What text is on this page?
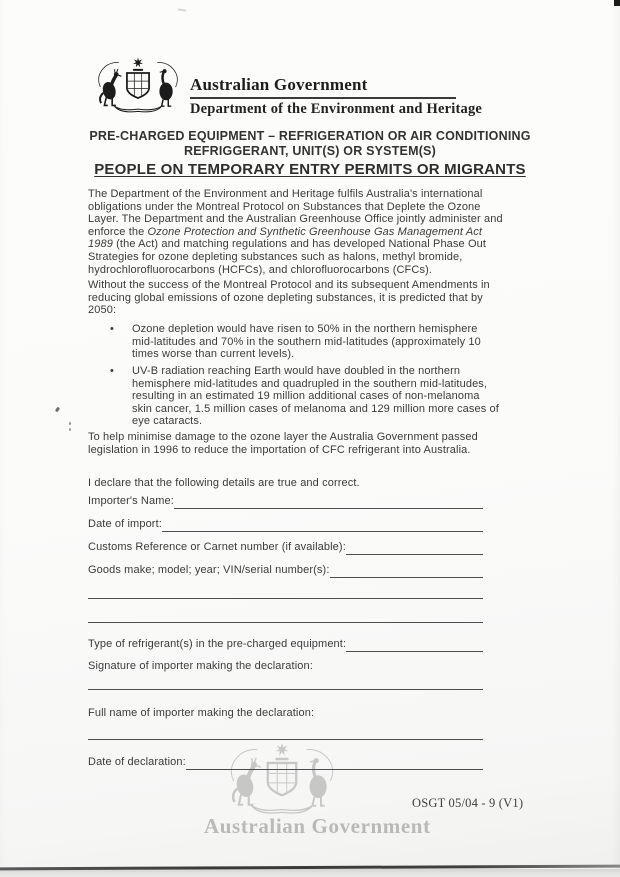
Australian Government
Department of the Environment and Heritage
PRE-CHARGED EQUIPMENT – REFRIGERATION OR AIR CONDITIONING
REFRIGGERANT, UNIT(S) OR SYSTEM(S)
PEOPLE ON TEMPORARY ENTRY PERMITS OR MIGRANTS

The Department of the Environment and Heritage fulfils Australia's international obligations under the Montreal Protocol on Substances that Deplete the Ozone Layer. The Department and the Australian Greenhouse Office jointly administer and enforce the Ozone Protection and Synthetic Greenhouse Gas Management Act 1989 (the Act) and matching regulations and has developed National Phase Out Strategies for ozone depleting substances such as halons, methyl bromide, hydrochlorofluorocarbons (HCFCs), and chlorofluorocarbons (CFCs).

Without the success of the Montreal Protocol and its subsequent Amendments in reducing global emissions of ozone depleting substances, it is predicted that by 2050:

•	Ozone depletion would have risen to 50% in the northern hemisphere mid-latitudes and 70% in the southern mid-latitudes (approximately 10 times worse than current levels).
•	UV-B radiation reaching Earth would have doubled in the northern hemisphere mid-latitudes and quadrupled in the southern mid-latitudes, resulting in an estimated 19 million additional cases of non-melanoma skin cancer, 1.5 million cases of melanoma and 129 million more cases of eye cataracts.

To help minimise damage to the ozone layer the Australia Government passed legislation in 1996 to reduce the importation of CFC refrigerant into Australia.

I declare that the following details are true and correct.
Importer's Name:
Date of import:
Customs Reference or Carnet number (if available):
Goods make; model; year; VIN/serial number(s):
Type of refrigerant(s) in the pre-charged equipment:
Signature of importer making the declaration:
Full name of importer making the declaration:
Date of declaration:
Australian Government
OSGT 05/04 - 9 (V1)
